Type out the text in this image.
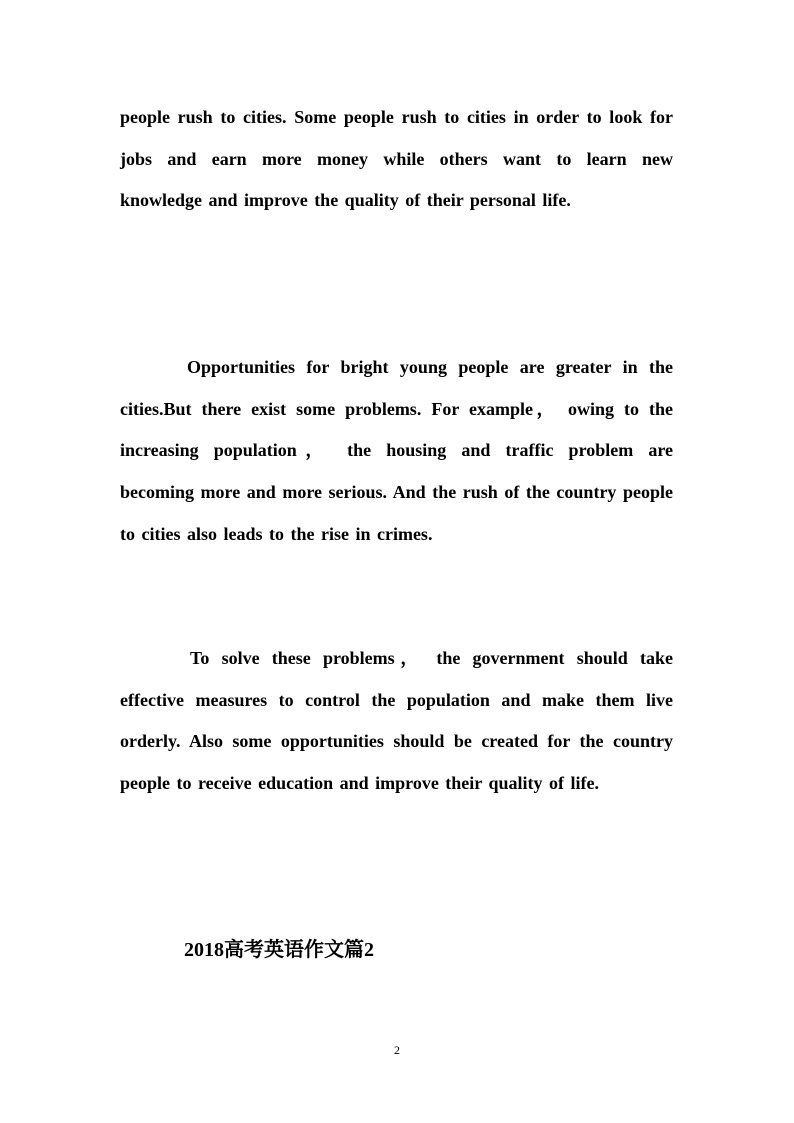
people rush to cities. Some people rush to cities in order to look for jobs and earn more money while others want to learn new knowledge and improve the quality of their personal life.

Opportunities for bright young people are greater in the cities.But there exist some problems. For example， owing to the increasing population， the housing and traffic problem are becoming more and more serious. And the rush of the country people to cities also leads to the rise in crimes.

To solve these problems， the government should take effective measures to control the population and make them live orderly. Also some opportunities should be created for the country people to receive education and improve their quality of life.

2018高考英语作文篇2
2
